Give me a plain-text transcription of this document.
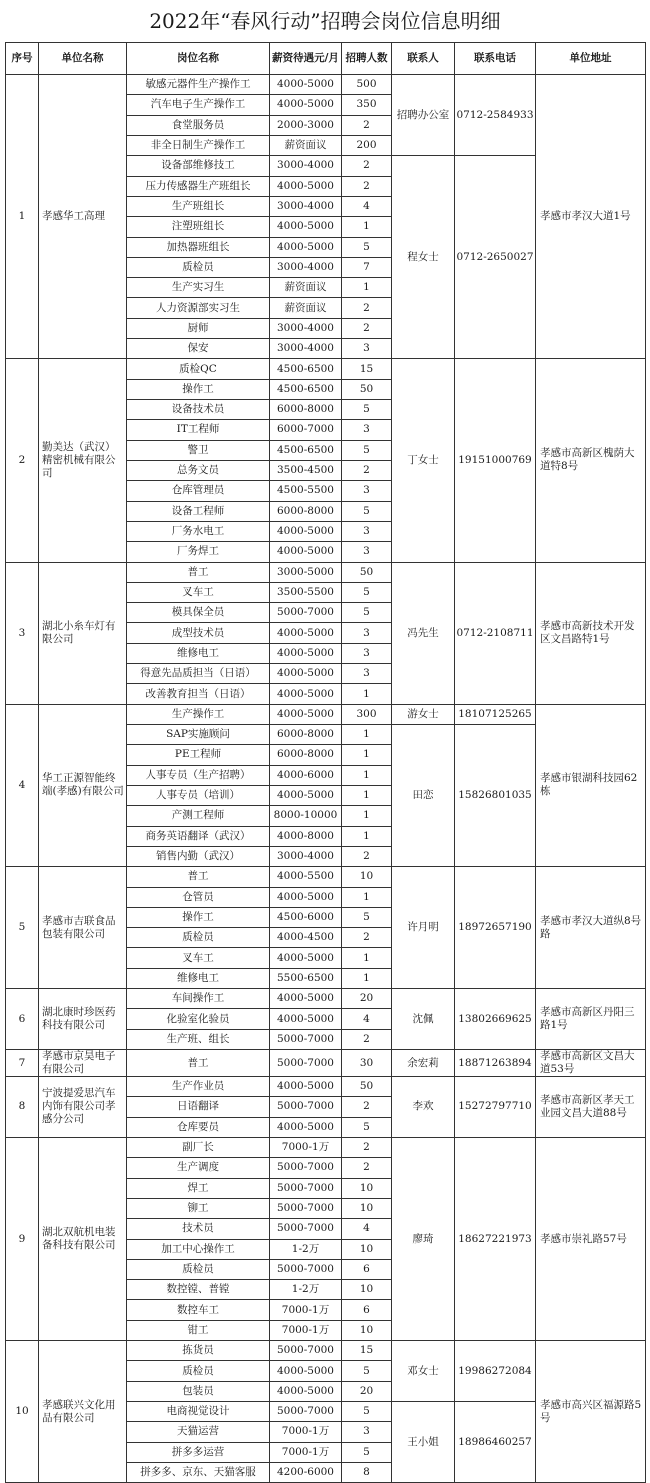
2022年“春风行动”招聘会岗位信息明细
序号	单位名称	岗位名称	薪资待遇元/月	招聘人数	联系人	联系电话	单位地址
1	孝感华工高理	敏感元器件生产操作工	4000-5000	500	招聘办公室	0712-2584933	孝感市孝汉大道1号
		汽车电子生产操作工	4000-5000	350			
		食堂服务员	2000-3000	2			
		非全日制生产操作工	薪资面议	200			
		设备部维修技工	3000-4000	2	程女士	0712-2650027	
		压力传感器生产班组长	4000-5000	2			
		生产班组长	3000-4000	4			
		注塑班组长	4000-5000	1			
		加热器班组长	4000-5000	5			
		质检员	3000-4000	7			
		生产实习生	薪资面议	1			
		人力资源部实习生	薪资面议	2			
		厨师	3000-4000	2			
		保安	3000-4000	3			
2	勤美达（武汉）精密机械有限公司	质检QC	4500-6500	15	丁女士	19151000769	孝感市高新区槐荫大道特8号
		操作工	4500-6500	50			
		设备技术员	6000-8000	5			
		IT工程师	6000-7000	3			
		警卫	4500-6500	5			
		总务文员	3500-4500	2			
		仓库管理员	4500-5500	3			
		设备工程师	6000-8000	5			
		厂务水电工	4000-5000	3			
		厂务焊工	4000-5000	3			
3	湖北小糸车灯有限公司	普工	3000-5000	50	冯先生	0712-2108711	孝感市高新技术开发区文昌路特1号
		叉车工	3500-5500	5			
		模具保全员	5000-7000	5			
		成型技术员	4000-5000	3			
		维修电工	4000-5000	3			
		得意先品质担当（日语）	4000-5000	3			
		改善教育担当（日语）	4000-5000	1			
4	华工正源智能终端(孝感)有限公司	生产操作工	4000-5000	300	游女士	18107125265	孝感市银湖科技园62栋
		SAP实施顾问	6000-8000	1	田恋	15826801035	
		PE工程师	6000-8000	1			
		人事专员（生产招聘）	4000-6000	1			
		人事专员（培训）	4000-5000	1			
		产测工程师	8000-10000	1			
		商务英语翻译（武汉）	4000-8000	1			
		销售内勤（武汉）	3000-4000	2			
5	孝感市吉联食品包装有限公司	普工	4000-5500	10	许月明	18972657190	孝感市孝汉大道纵8号路
		仓管员	4000-5000	1			
		操作工	4500-6000	5			
		质检员	4000-4500	2			
		叉车工	4000-5000	1			
		维修电工	5500-6500	1			
6	湖北康时珍医药科技有限公司	车间操作工	4000-5000	20	沈佩	13802669625	孝感市高新区丹阳三路1号
		化验室化验员	4000-5000	4			
		生产班、组长	5000-7000	2			
7	孝感市京昊电子有限公司	普工	5000-7000	30	余宏莉	18871263894	孝感市高新区文昌大道53号
8	宁波提爱思汽车内饰有限公司孝感分公司	生产作业员	4000-5000	50	李欢	15272797710	孝感市高新区孝天工业园文昌大道88号
		日语翻译	5000-7000	2			
		仓库要员	4000-5000	5			
9	湖北双航机电装备科技有限公司	副厂长	7000-1万	2	廖琦	18627221973	孝感市崇礼路57号
		生产调度	5000-7000	2			
		焊工	5000-7000	10			
		铆工	5000-7000	10			
		技术员	5000-7000	4			
		加工中心操作工	1-2万	10			
		质检员	5000-7000	6			
		数控镗、普镗	1-2万	10			
		数控车工	7000-1万	6			
		钳工	7000-1万	10			
10	孝感联兴文化用品有限公司	拣货员	5000-7000	15	邓女士	19986272084	孝感市高兴区福源路5号
		质检员	4000-5000	5			
		包装员	4000-5000	20			
		电商视觉设计	5000-7000	5	王小姐	18986460257	
		天猫运营	7000-1万	3			
		拼多多运营	7000-1万	5			
		拼多多、京东、天猫客服	4200-6000	8			
